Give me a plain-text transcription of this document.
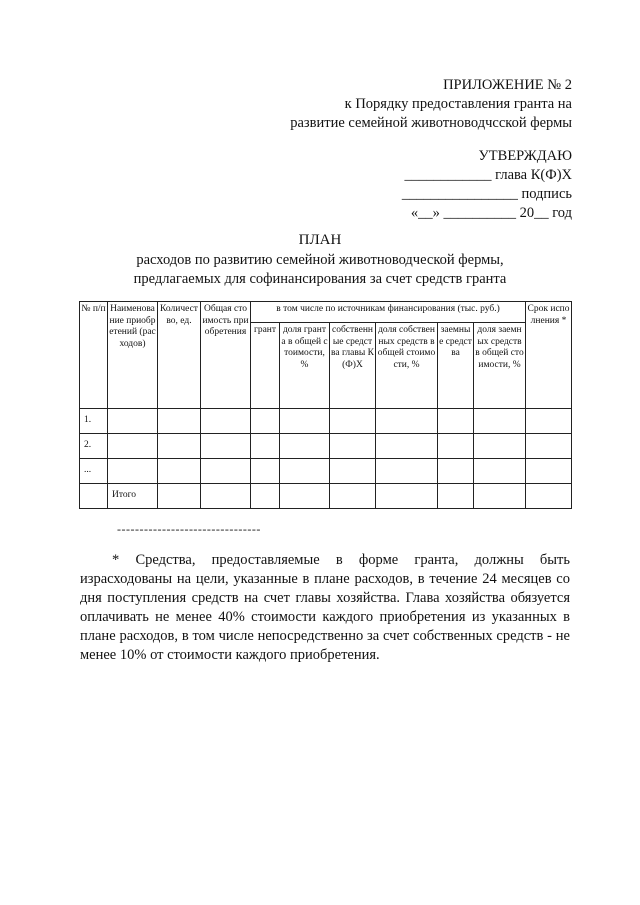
ПРИЛОЖЕНИЕ № 2
к Порядку предоставления гранта на
развитие семейной животноводчсской фермы
УТВЕРЖДАЮ
____________ глава К(Ф)Х
________________ подпись
«__» __________ 20__ год
ПЛАН
расходов по развитию семейной животноводческой фермы,
предлагаемых для софинансирования за счет средств гранта
№ п/п	Наименование приобретений (расходов)	Количество, ед.	Общая стоимость приобретения	в том числе по источникам финансирования (тыс. руб.)						Срок исполнения *
				грант	доля гранта в общей стоимости, %	собственные средства главы К(Ф)Х	доля собственных средств в общей стоимости, %	заемные средства	доля заемных средств в общей стоимости, %	
1.										
2.										
...										
	Итого									
--------------------------------
* Средства, предоставляемые в форме гранта, должны быть израсходованы на цели, указанные в плане расходов, в течение 24 месяцев со дня поступления средств на счет главы хозяйства. Глава хозяйства обязуется оплачивать не менее 40% стоимости каждого приобретения из указанных в плане расходов, в том числе непосредственно за счет собственных средств - не менее 10% от стоимости каждого приобретения.
